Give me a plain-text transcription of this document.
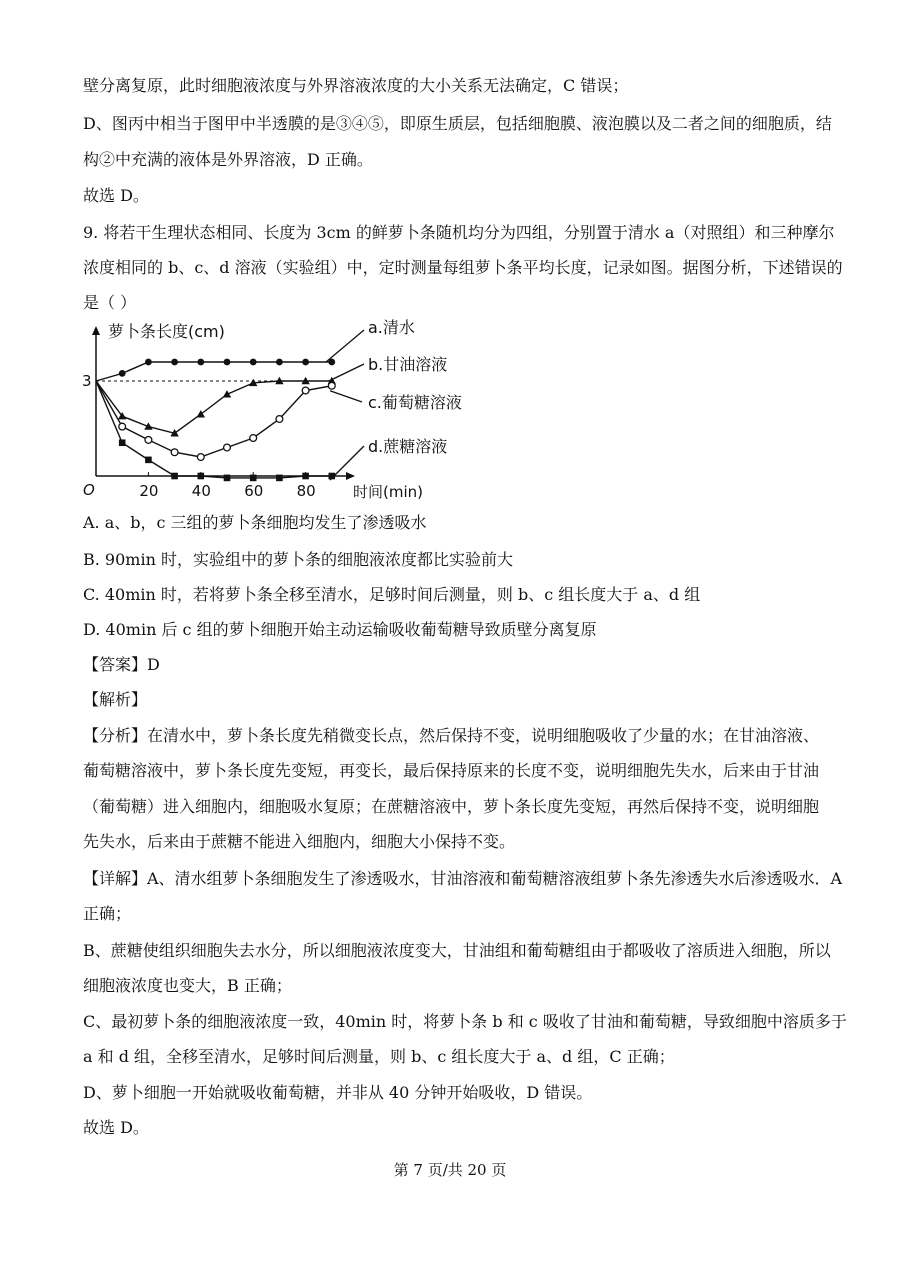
壁分离复原，此时细胞液浓度与外界溶液浓度的大小关系无法确定，C 错误；
D、图丙中相当于图甲中半透膜的是③④⑤，即原生质层，包括细胞膜、液泡膜以及二者之间的细胞质，结
构②中充满的液体是外界溶液，D 正确。
故选 D。
9. 将若干生理状态相同、长度为 3cm 的鲜萝卜条随机均分为四组，分别置于清水 a（对照组）和三种摩尔
浓度相同的 b、c、d 溶液（实验组）中，定时测量每组萝卜条平均长度，记录如图。据图分析，下述错误的
是（ ）
萝卜条长度(cm)
时间(min)
O
3
20 40 60 80
a.清水
b.甘油溶液
c.葡萄糖溶液
d.蔗糖溶液
A. a、b，c 三组的萝卜条细胞均发生了渗透吸水
B. 90min 时，实验组中的萝卜条的细胞液浓度都比实验前大
C. 40min 时，若将萝卜条全移至清水，足够时间后测量，则 b、c 组长度大于 a、d 组
D. 40min 后 c 组的萝卜细胞开始主动运输吸收葡萄糖导致质壁分离复原
【答案】D
【解析】
【分析】在清水中，萝卜条长度先稍微变长点，然后保持不变，说明细胞吸收了少量的水；在甘油溶液、
葡萄糖溶液中，萝卜条长度先变短，再变长，最后保持原来的长度不变，说明细胞先失水，后来由于甘油
（葡萄糖）进入细胞内，细胞吸水复原；在蔗糖溶液中，萝卜条长度先变短，再然后保持不变，说明细胞
先失水，后来由于蔗糖不能进入细胞内，细胞大小保持不变。
【详解】A、清水组萝卜条细胞发生了渗透吸水，甘油溶液和葡萄糖溶液组萝卜条先渗透失水后渗透吸水．A
正确；
B、蔗糖使组织细胞失去水分，所以细胞液浓度变大，甘油组和葡萄糖组由于都吸收了溶质进入细胞，所以
细胞液浓度也变大，B 正确；
C、最初萝卜条的细胞液浓度一致，40min 时，将萝卜条 b 和 c 吸收了甘油和葡萄糖，导致细胞中溶质多于
a 和 d 组，全移至清水，足够时间后测量，则 b、c 组长度大于 a、d 组，C 正确；
D、萝卜细胞一开始就吸收葡萄糖，并非从 40 分钟开始吸收，D 错误。
故选 D。
第 7 页/共 20 页
